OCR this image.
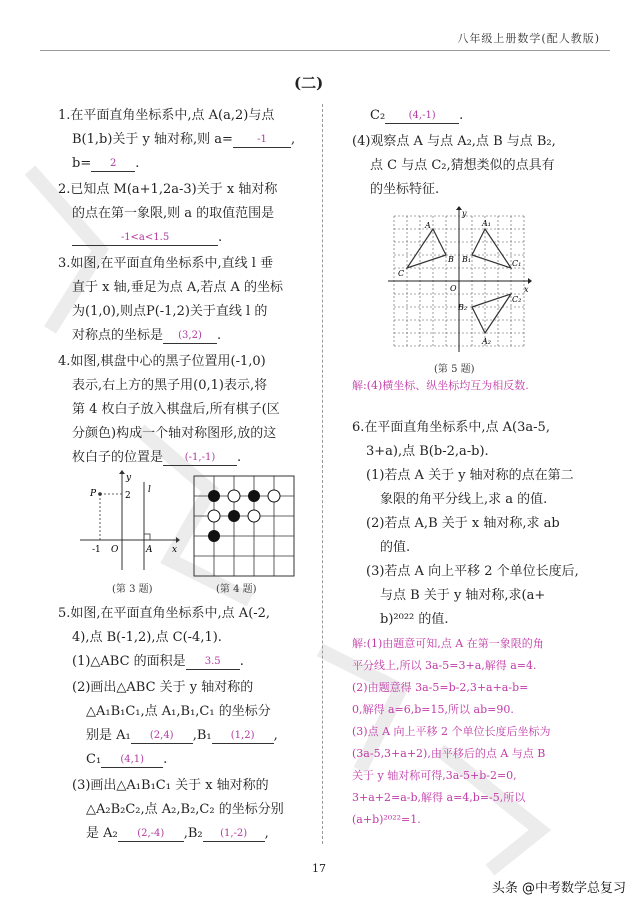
八年级上册数学(配人教版)
(二)
1.在平面直角坐标系中,点 A(a,2)与点
B(1,b)关于 y 轴对称,则 a= -1 ,
b= 2 .
2.已知点 M(a+1,2a-3)关于 x 轴对称
的点在第一象限,则 a 的取值范围是
-1<a<1.5	.
3.如图,在平面直角坐标系中,直线 l 垂
直于 x 轴,垂足为点 A,若点 A 的坐标
为(1,0),则点P(-1,2)关于直线 l 的
对称点的坐标是 (3,2) .
4.如图,棋盘中心的黑子位置用(-1,0)
表示,右上方的黑子用(0,1)表示,将
第 4 枚白子放入棋盘后,所有棋子(区
分颜色)构成一个轴对称图形,放的这
枚白子的位置是 (-1,-1) .
P
y
l
2
x
-1 O	A
(第 3 题)	(第 4 题)
5.如图,在平面直角坐标系中,点 A(-2,
4),点 B(-1,2),点 C(-4,1).
(1)△ABC 的面积是 3.5 .
(2)画出△ABC 关于 y 轴对称的
△A₁B₁C₁,点 A₁,B₁,C₁ 的坐标分
别是 A₁ (2,4) ,B₁ (1,2) ,
C₁ (4,1) .
(3)画出△A₁B₁C₁ 关于 x 轴对称的
△A₂B₂C₂,点 A₂,B₂,C₂ 的坐标分别
是 A₂ (2,-4) ,B₂ (1,-2) ,
C₂ (4,-1) .
(4)观察点 A 与点 A₂,点 B 与点 B₂,
点 C 与点 C₂,猜想类似的点具有
的坐标特征.
y
x
O
A	A₁
B B₁
C
C₁
A₂
B₂
C₂
(第 5 题)
解:(4)横坐标、纵坐标均互为相反数.
6.在平面直角坐标系中,点 A(3a-5,
3+a),点 B(b-2,a-b).
(1)若点 A 关于 y 轴对称的点在第二
象限的角平分线上,求 a 的值.
(2)若点 A,B 关于 x 轴对称,求 ab
的值.
(3)若点 A 向上平移 2 个单位长度后,
与点 B 关于 y 轴对称,求(a+
b)²⁰²² 的值.
解:(1)由题意可知,点 A 在第一象限的角
平分线上,所以 3a-5=3+a,解得 a=4.
(2)由题意得 3a-5=b-2,3+a+a-b=
0,解得 a=6,b=15,所以 ab=90.
(3)点 A 向上平移 2 个单位长度后坐标为
(3a-5,3+a+2),由平移后的点 A 与点 B
关于 y 轴对称可得,3a-5+b-2=0,
3+a+2=a-b,解得 a=4,b=-5,所以
(a+b)²⁰²²=1.
17
头条 @中考数学总复习
